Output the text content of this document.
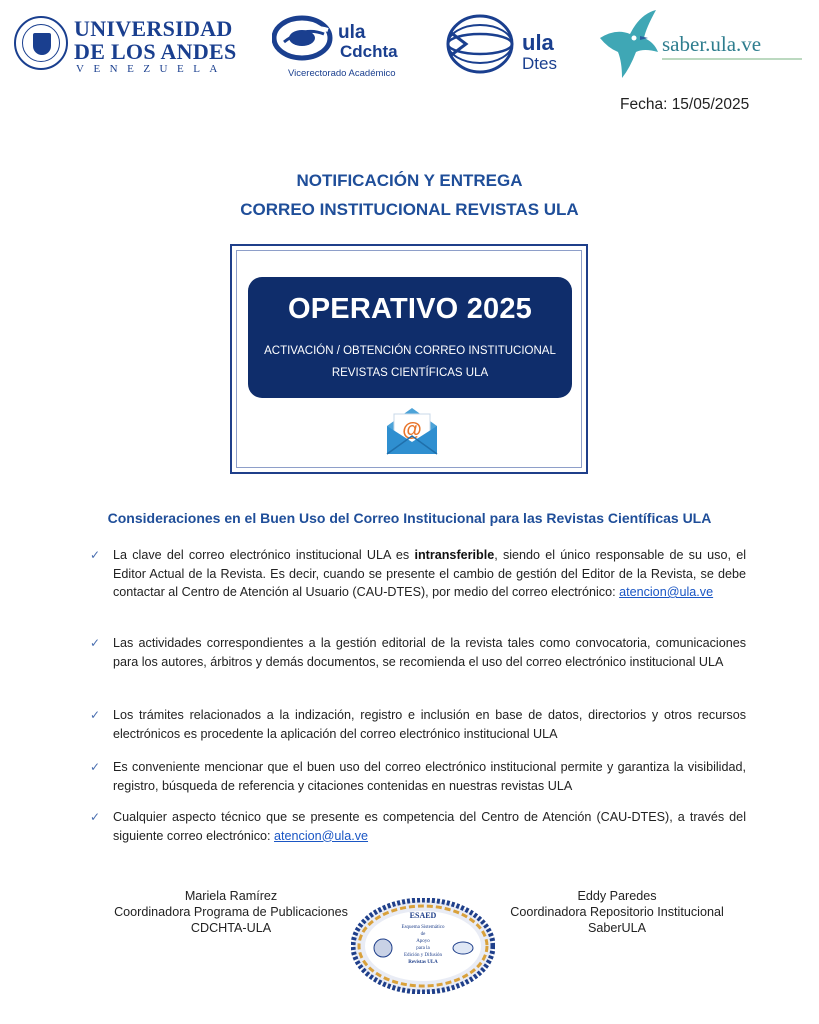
UNIVERSIDAD
DE LOS ANDES
VENEZUELA
ula
Cdchta
Vicerectorado Académico
ula
Dtes
saber.ula.ve
Fecha: 15/05/2025
NOTIFICACIÓN Y ENTREGA
CORREO INSTITUCIONAL REVISTAS ULA
OPERATIVO 2025
ACTIVACIÓN / OBTENCIÓN CORREO INSTITUCIONAL
REVISTAS CIENTÍFICAS ULA
@
Consideraciones en el Buen Uso del Correo Institucional para las Revistas Científicas ULA
✓ La clave del correo electrónico institucional ULA es intransferible, siendo el único responsable de su uso, el Editor Actual de la Revista. Es decir, cuando se presente el cambio de gestión del Editor de la Revista, se debe contactar al Centro de Atención al Usuario (CAU-DTES), por medio del correo electrónico: atencion@ula.ve
✓ Las actividades correspondientes a la gestión editorial de la revista tales como convocatoria, comunicaciones para los autores, árbitros y demás documentos, se recomienda el uso del correo electrónico institucional ULA
✓ Los trámites relacionados a la indización, registro e inclusión en base de datos, directorios y otros recursos electrónicos es procedente la aplicación del correo electrónico institucional ULA
✓ Es conveniente mencionar que el buen uso del correo electrónico institucional permite y garantiza la visibilidad, registro, búsqueda de referencia y citaciones contenidas en nuestras revistas ULA
✓ Cualquier aspecto técnico que se presente es competencia del Centro de Atención (CAU-DTES), a través del siguiente correo electrónico: atencion@ula.ve
Mariela Ramírez
Coordinadora Programa de Publicaciones
CDCHTA-ULA
Eddy Paredes
Coordinadora Repositorio Institucional
SaberULA
ESAED
Esquema Sistemático
de
Apoyo
para la
Edición y Difusión
Revistas ULA
